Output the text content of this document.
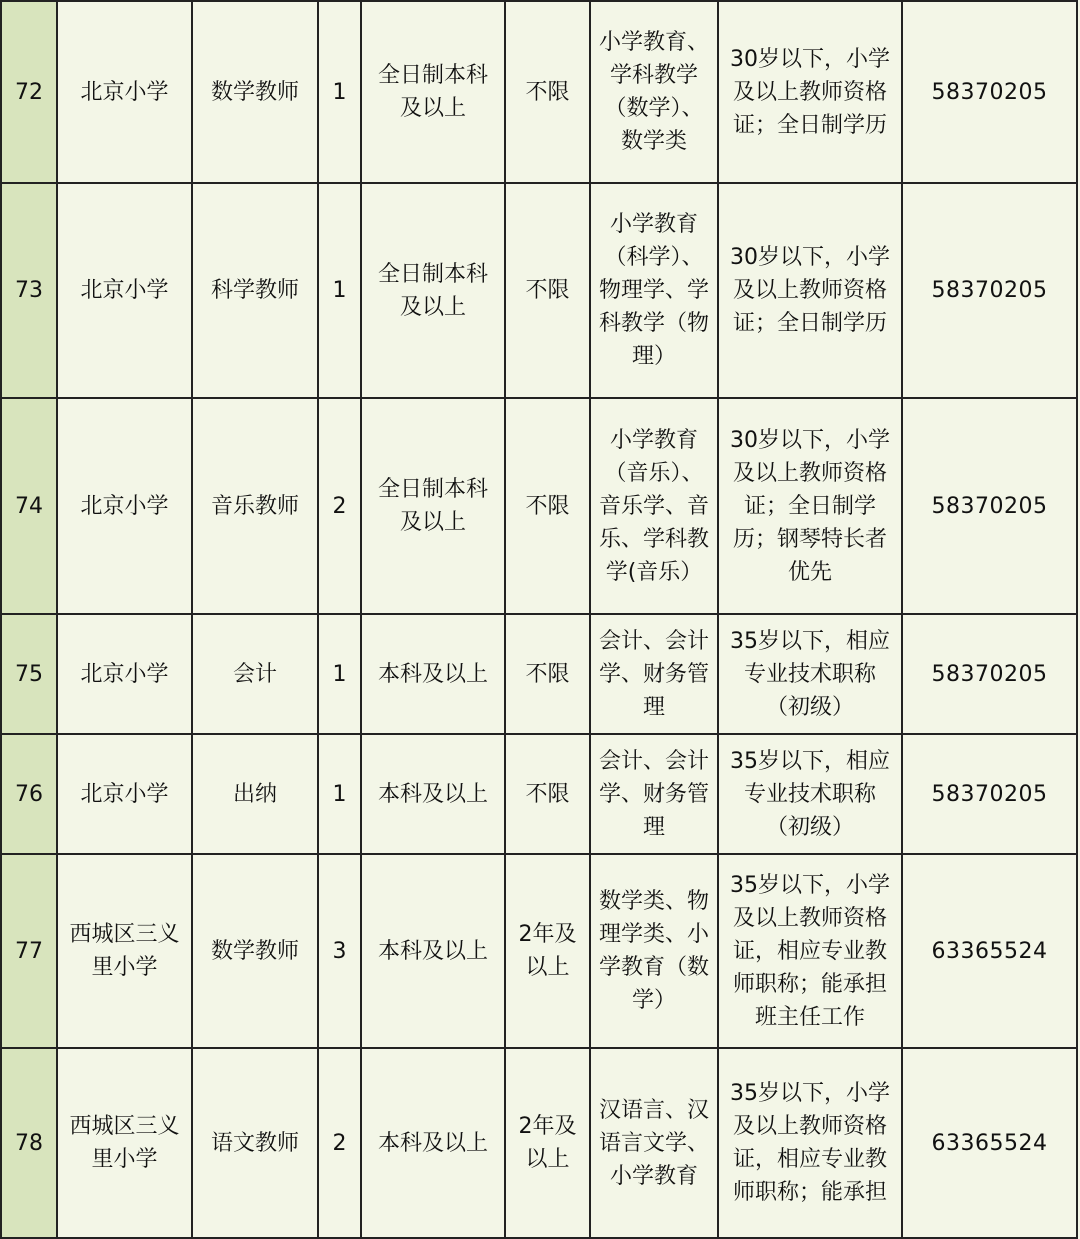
72	北京小学	数学教师	1	全日制本科
及以上	不限	小学教育、
学科教学
（数学）、
数学类	30岁以下，小学
及以上教师资格
证；全日制学历	58370205
73	北京小学	科学教师	1	全日制本科
及以上	不限	小学教育
（科学）、
物理学、学
科教学（物
理）	30岁以下，小学
及以上教师资格
证；全日制学历	58370205
74	北京小学	音乐教师	2	全日制本科
及以上	不限	小学教育
（音乐）、
音乐学、音
乐、学科教
学(音乐）	30岁以下，小学
及以上教师资格
证；全日制学
历；钢琴特长者
优先	58370205
75	北京小学	会计	1	本科及以上	不限	会计、会计
学、财务管
理	35岁以下，相应
专业技术职称
（初级）	58370205
76	北京小学	出纳	1	本科及以上	不限	会计、会计
学、财务管
理	35岁以下，相应
专业技术职称
（初级）	58370205
77	西城区三义
里小学	数学教师	3	本科及以上	2年及
以上	数学类、物
理学类、小
学教育（数
学）	35岁以下，小学
及以上教师资格
证，相应专业教
师职称；能承担
班主任工作	63365524
78	西城区三义
里小学	语文教师	2	本科及以上	2年及
以上	汉语言、汉
语言文学、
小学教育	35岁以下，小学
及以上教师资格
证，相应专业教
师职称；能承担	63365524
